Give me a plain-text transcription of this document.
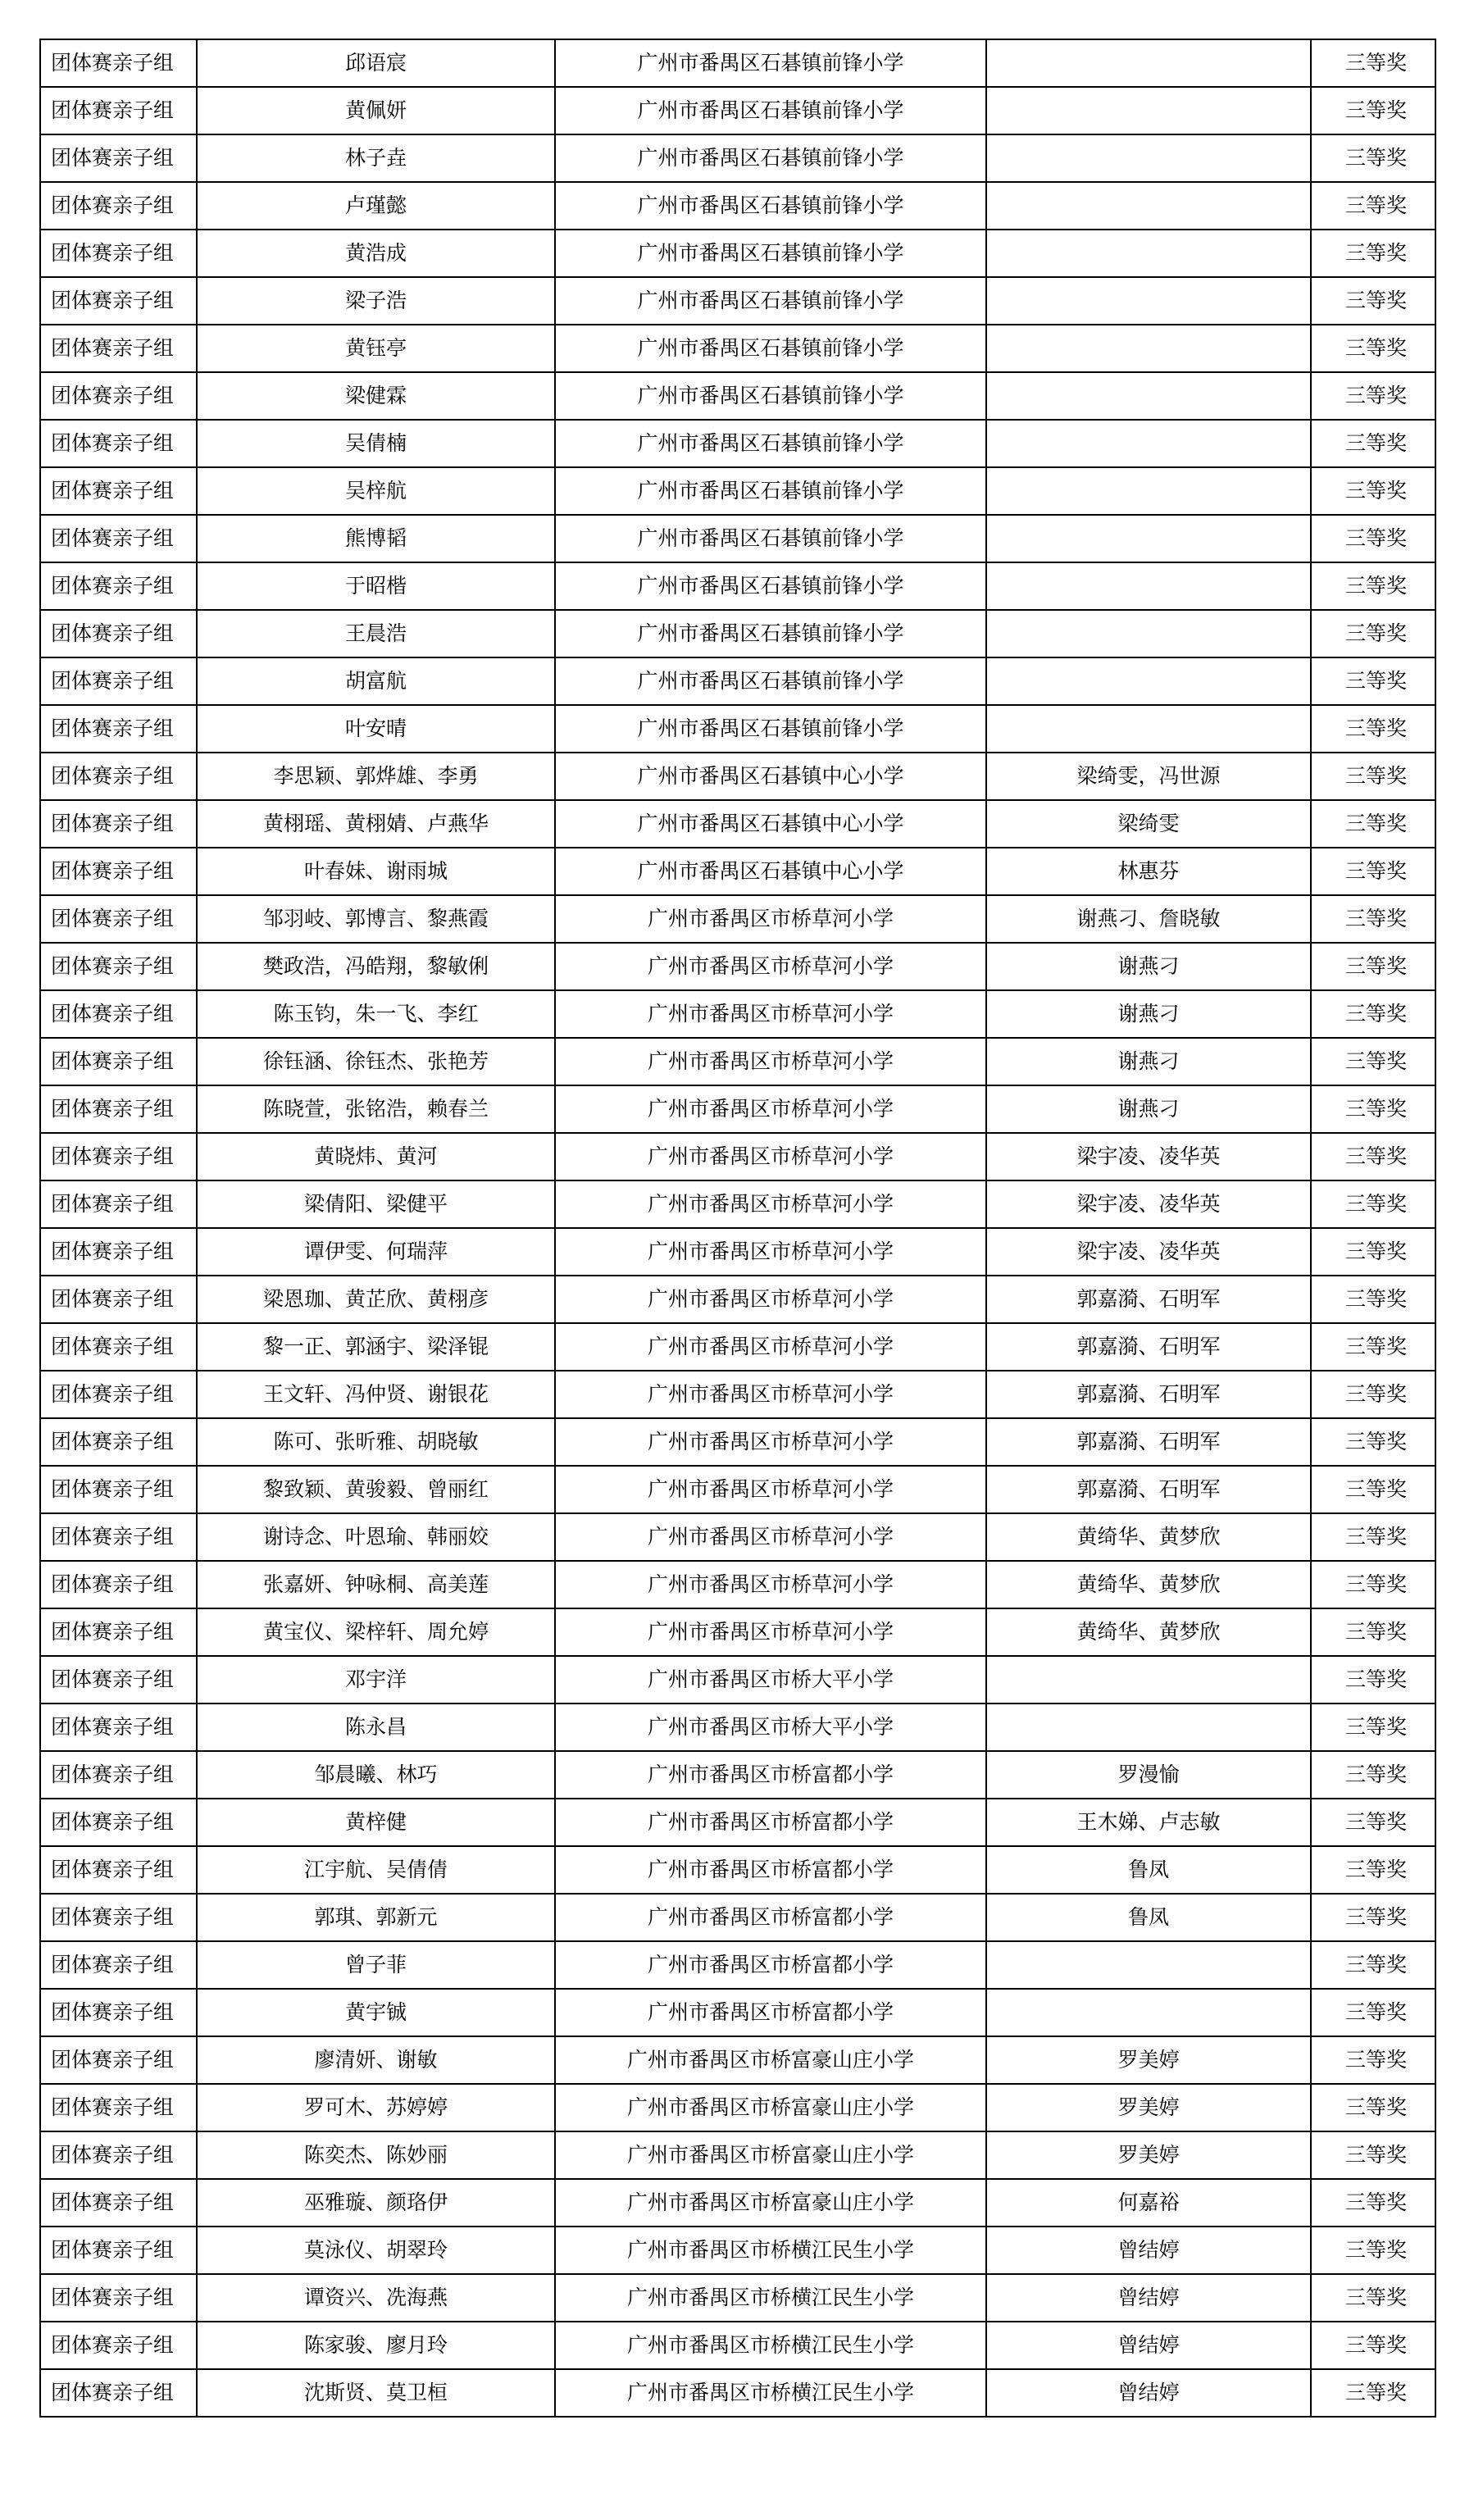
团体赛亲子组	邱语宸	广州市番禺区石碁镇前锋小学		三等奖
团体赛亲子组	黄佩妍	广州市番禺区石碁镇前锋小学		三等奖
团体赛亲子组	林子垚	广州市番禺区石碁镇前锋小学		三等奖
团体赛亲子组	卢瑾懿	广州市番禺区石碁镇前锋小学		三等奖
团体赛亲子组	黄浩成	广州市番禺区石碁镇前锋小学		三等奖
团体赛亲子组	梁子浩	广州市番禺区石碁镇前锋小学		三等奖
团体赛亲子组	黄钰亭	广州市番禺区石碁镇前锋小学		三等奖
团体赛亲子组	梁健霖	广州市番禺区石碁镇前锋小学		三等奖
团体赛亲子组	吴倩楠	广州市番禺区石碁镇前锋小学		三等奖
团体赛亲子组	吴梓航	广州市番禺区石碁镇前锋小学		三等奖
团体赛亲子组	熊博韬	广州市番禺区石碁镇前锋小学		三等奖
团体赛亲子组	于昭楷	广州市番禺区石碁镇前锋小学		三等奖
团体赛亲子组	王晨浩	广州市番禺区石碁镇前锋小学		三等奖
团体赛亲子组	胡富航	广州市番禺区石碁镇前锋小学		三等奖
团体赛亲子组	叶安晴	广州市番禺区石碁镇前锋小学		三等奖
团体赛亲子组	李思颖、郭烨雄、李勇	广州市番禺区石碁镇中心小学	梁绮雯，冯世源	三等奖
团体赛亲子组	黄栩瑶、黄栩婧、卢燕华	广州市番禺区石碁镇中心小学	梁绮雯	三等奖
团体赛亲子组	叶春妹、谢雨城	广州市番禺区石碁镇中心小学	林惠芬	三等奖
团体赛亲子组	邹羽岐、郭博言、黎燕霞	广州市番禺区市桥草河小学	谢燕刁、詹晓敏	三等奖
团体赛亲子组	樊政浩，冯皓翔，黎敏俐	广州市番禺区市桥草河小学	谢燕刁	三等奖
团体赛亲子组	陈玉钧，朱一飞、李红	广州市番禺区市桥草河小学	谢燕刁	三等奖
团体赛亲子组	徐钰涵、徐钰杰、张艳芳	广州市番禺区市桥草河小学	谢燕刁	三等奖
团体赛亲子组	陈晓萱，张铭浩，赖春兰	广州市番禺区市桥草河小学	谢燕刁	三等奖
团体赛亲子组	黄晓炜、黄河	广州市番禺区市桥草河小学	梁宇凌、凌华英	三等奖
团体赛亲子组	梁倩阳、梁健平	广州市番禺区市桥草河小学	梁宇凌、凌华英	三等奖
团体赛亲子组	谭伊雯、何瑞萍	广州市番禺区市桥草河小学	梁宇凌、凌华英	三等奖
团体赛亲子组	梁恩珈、黄芷欣、黄栩彦	广州市番禺区市桥草河小学	郭嘉漪、石明军	三等奖
团体赛亲子组	黎一正、郭涵宇、梁泽锟	广州市番禺区市桥草河小学	郭嘉漪、石明军	三等奖
团体赛亲子组	王文轩、冯仲贤、谢银花	广州市番禺区市桥草河小学	郭嘉漪、石明军	三等奖
团体赛亲子组	陈可、张昕雅、胡晓敏	广州市番禺区市桥草河小学	郭嘉漪、石明军	三等奖
团体赛亲子组	黎致颖、黄骏毅、曾丽红	广州市番禺区市桥草河小学	郭嘉漪、石明军	三等奖
团体赛亲子组	谢诗念、叶恩瑜、韩丽姣	广州市番禺区市桥草河小学	黄绮华、黄梦欣	三等奖
团体赛亲子组	张嘉妍、钟咏桐、高美莲	广州市番禺区市桥草河小学	黄绮华、黄梦欣	三等奖
团体赛亲子组	黄宝仪、梁梓轩、周允婷	广州市番禺区市桥草河小学	黄绮华、黄梦欣	三等奖
团体赛亲子组	邓宇洋	广州市番禺区市桥大平小学		三等奖
团体赛亲子组	陈永昌	广州市番禺区市桥大平小学		三等奖
团体赛亲子组	邹晨曦、林巧	广州市番禺区市桥富都小学	罗漫愉	三等奖
团体赛亲子组	黄梓健	广州市番禺区市桥富都小学	王木娣、卢志敏	三等奖
团体赛亲子组	江宇航、吴倩倩	广州市番禺区市桥富都小学	鲁凤	三等奖
团体赛亲子组	郭琪、郭新元	广州市番禺区市桥富都小学	鲁凤	三等奖
团体赛亲子组	曾子菲	广州市番禺区市桥富都小学		三等奖
团体赛亲子组	黄宇铖	广州市番禺区市桥富都小学		三等奖
团体赛亲子组	廖清妍、谢敏	广州市番禺区市桥富豪山庄小学	罗美婷	三等奖
团体赛亲子组	罗可木、苏婷婷	广州市番禺区市桥富豪山庄小学	罗美婷	三等奖
团体赛亲子组	陈奕杰、陈妙丽	广州市番禺区市桥富豪山庄小学	罗美婷	三等奖
团体赛亲子组	巫雅璇、颜珞伊	广州市番禺区市桥富豪山庄小学	何嘉裕	三等奖
团体赛亲子组	莫泳仪、胡翠玲	广州市番禺区市桥横江民生小学	曾结婷	三等奖
团体赛亲子组	谭资兴、冼海燕	广州市番禺区市桥横江民生小学	曾结婷	三等奖
团体赛亲子组	陈家骏、廖月玲	广州市番禺区市桥横江民生小学	曾结婷	三等奖
团体赛亲子组	沈斯贤、莫卫桓	广州市番禺区市桥横江民生小学	曾结婷	三等奖
